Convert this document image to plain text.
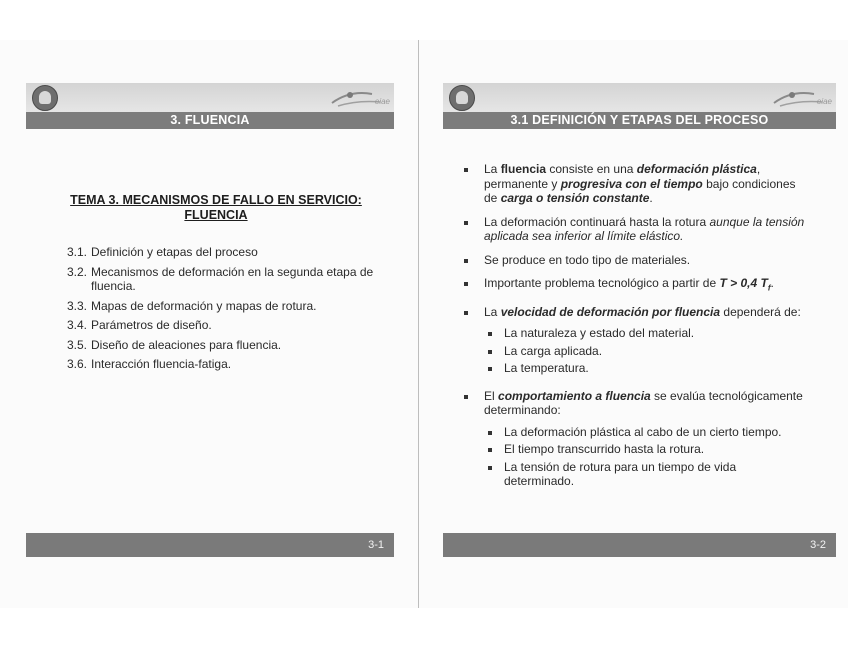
eiae
3. FLUENCIA
TEMA 3. MECANISMOS DE FALLO EN SERVICIO:
FLUENCIA
3.1. Definición y etapas del proceso
3.2. Mecanismos de deformación en la segunda etapa de fluencia.
3.3. Mapas de deformación y mapas de rotura.
3.4. Parámetros de diseño.
3.5. Diseño de aleaciones para fluencia.
3.6. Interacción fluencia-fatiga.
3-1
eiae
3.1 DEFINICIÓN Y ETAPAS DEL PROCESO
La fluencia consiste en una deformación plástica, permanente y progresiva con el tiempo bajo condiciones de carga o tensión constante.
La deformación continuará hasta la rotura aunque la tensión aplicada sea inferior al límite elástico.
Se produce en todo tipo de materiales.
Importante problema tecnológico a partir de T > 0,4 $T_f$.
La velocidad de deformación por fluencia dependerá de:
La naturaleza y estado del material.
La carga aplicada.
La temperatura.
El comportamiento a fluencia se evalúa tecnológicamente determinando:
La deformación plástica al cabo de un cierto tiempo.
El tiempo transcurrido hasta la rotura.
La tensión de rotura para un tiempo de vida determinado.
3-2
